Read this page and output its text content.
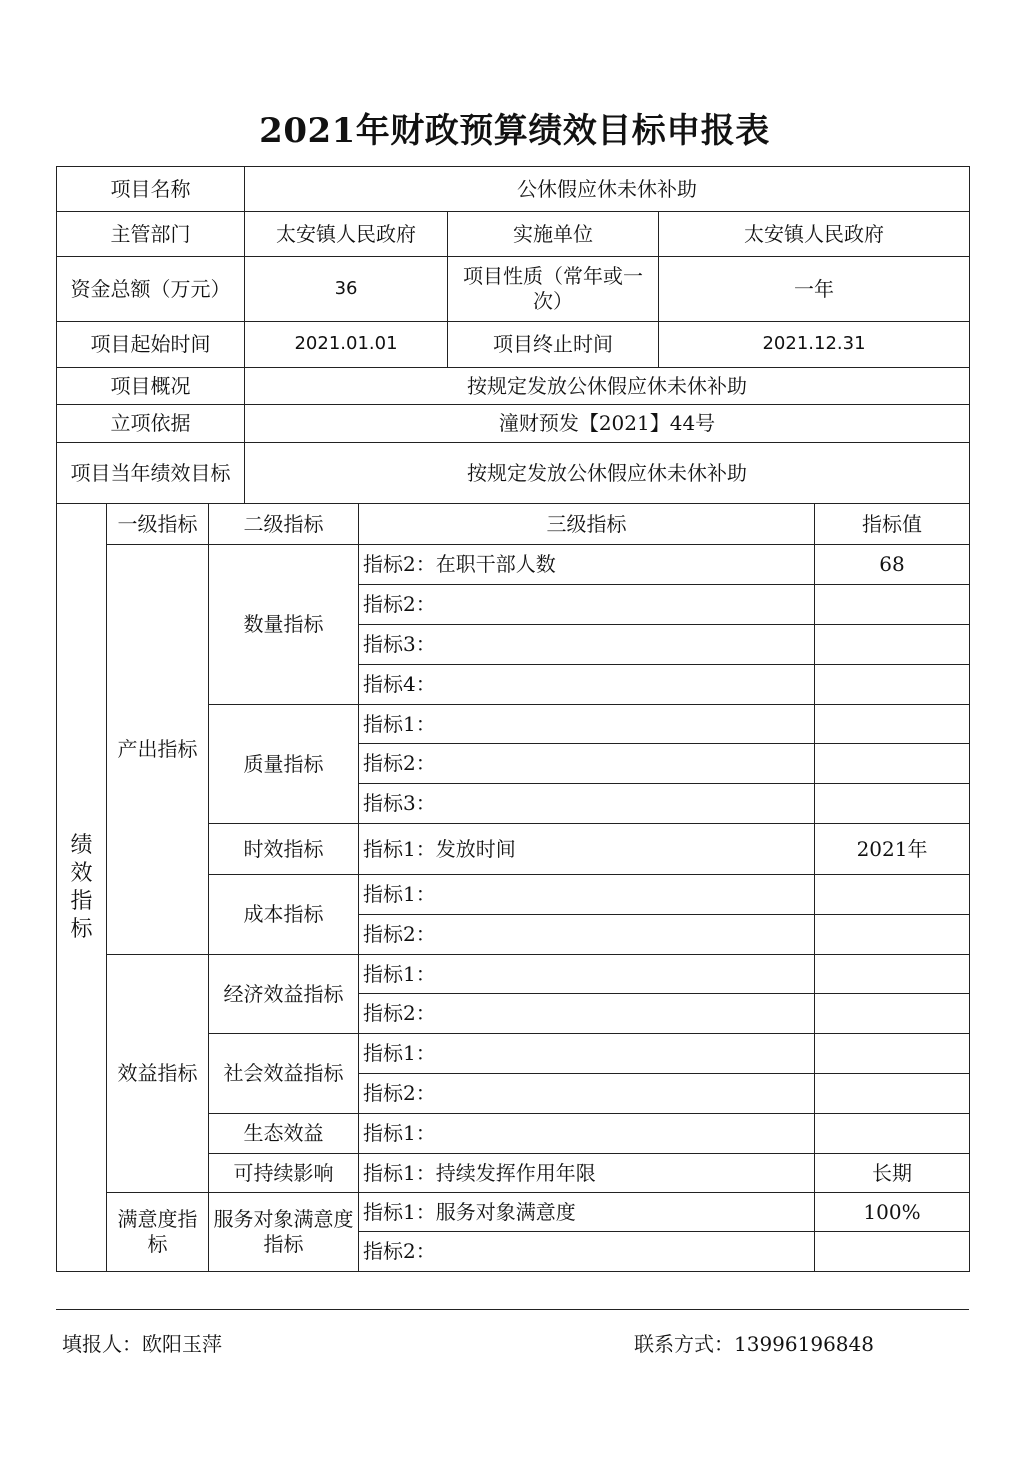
2021年财政预算绩效目标申报表
项目名称			公休假应休未休补助				
主管部门			太安镇人民政府		实施单位	太安镇人民政府	
资金总额（万元）			36		项目性质（常年或一次）	一年	
项目起始时间			2021.01.01		项目终止时间	2021.12.31	
项目概况			按规定发放公休假应休未休补助				
立项依据			潼财预发【2021】44号				
项目当年绩效目标			按规定发放公休假应休未休补助				
绩效指标	一级指标	二级指标		三级指标			指标值
	产出指标	数量指标		指标2：在职干部人数			68
				指标2：			
				指标3：			
				指标4：			
		质量指标		指标1：			
				指标2：			
				指标3：			
		时效指标		指标1：发放时间			2021年
		成本指标		指标1：			
				指标2：			
	效益指标	经济效益指标		指标1：			
				指标2：			
		社会效益指标		指标1：			
				指标2：			
		生态效益		指标1：			
		可持续影响		指标1：持续发挥作用年限			长期
	满意度指标	服务对象满意度指标		指标1：服务对象满意度			100%
				指标2：			
填报人：欧阳玉萍	联系方式：13996196848
